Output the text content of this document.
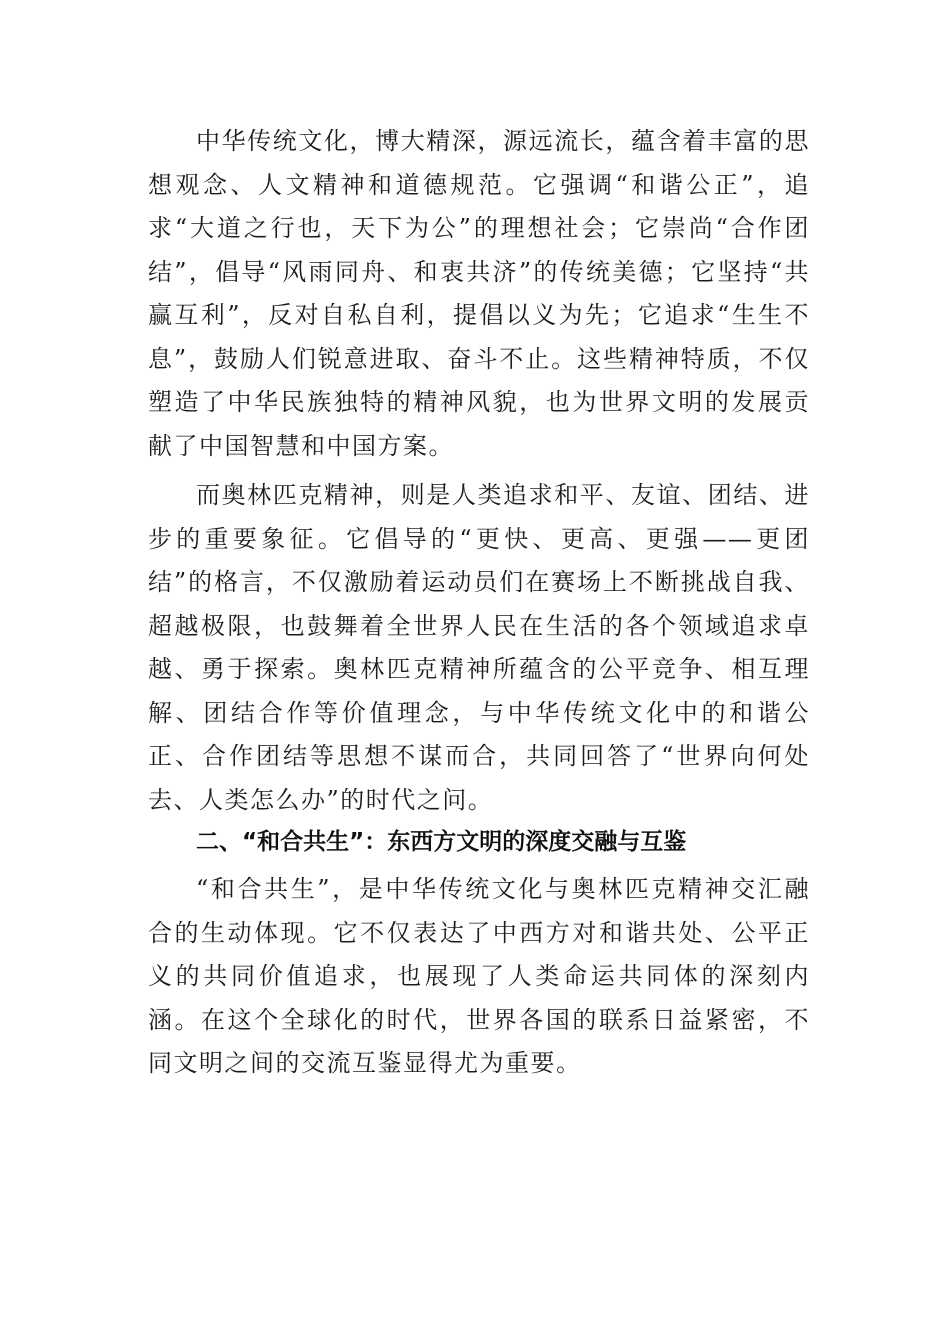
中华传统文化，博大精深，源远流长，蕴含着丰富的思想观念、人文精神和道德规范。它强调“和谐公正”，追求“大道之行也，天下为公”的理想社会；它崇尚“合作团结”，倡导“风雨同舟、和衷共济”的传统美德；它坚持“共赢互利”，反对自私自利，提倡以义为先；它追求“生生不息”，鼓励人们锐意进取、奋斗不止。这些精神特质，不仅塑造了中华民族独特的精神风貌，也为世界文明的发展贡献了中国智慧和中国方案。

而奥林匹克精神，则是人类追求和平、友谊、团结、进步的重要象征。它倡导的“更快、更高、更强——更团结”的格言，不仅激励着运动员们在赛场上不断挑战自我、超越极限，也鼓舞着全世界人民在生活的各个领域追求卓越、勇于探索。奥林匹克精神所蕴含的公平竞争、相互理解、团结合作等价值理念，与中华传统文化中的和谐公正、合作团结等思想不谋而合，共同回答了“世界向何处去、人类怎么办”的时代之问。

二、“和合共生”：东西方文明的深度交融与互鉴

“和合共生”，是中华传统文化与奥林匹克精神交汇融合的生动体现。它不仅表达了中西方对和谐共处、公平正义的共同价值追求，也展现了人类命运共同体的深刻内涵。在这个全球化的时代，世界各国的联系日益紧密，不同文明之间的交流互鉴显得尤为重要。
